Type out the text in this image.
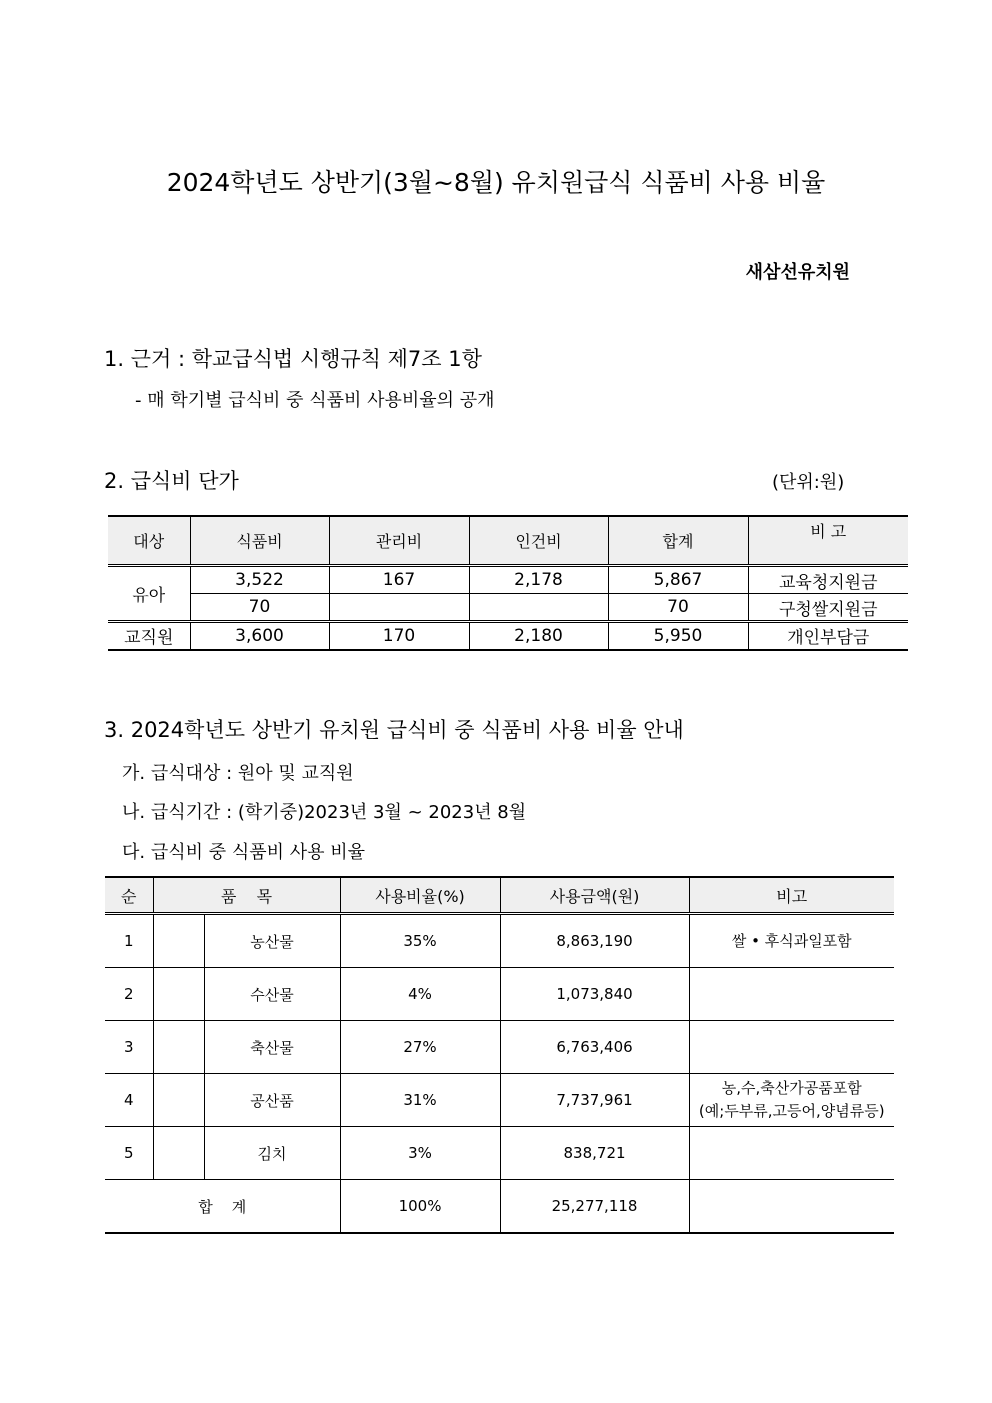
2024학년도 상반기(3월~8월) 유치원급식 식품비 사용 비율
새삼선유치원
1. 근거 : 학교급식법 시행규칙 제7조 1항
- 매 학기별 급식비 중 식품비 사용비율의 공개
2. 급식비 단가	(단위:원)
대상	식품비	관리비	인건비	합계	비 고
유아	3,522	167	2,178	5,867	교육청지원금
	70			70	구청쌀지원금
교직원	3,600	170	2,180	5,950	개인부담금
3. 2024학년도 상반기 유치원 급식비 중 식품비 사용 비율 안내
가. 급식대상 : 원아 및 교직원
나. 급식기간 : (학기중)2023년 3월 ~ 2023년 8월
다. 급식비 중 식품비 사용 비율
순	품    목		사용비율(%)	사용금액(원)	비고
1		농산물	35%	8,863,190	쌀 • 후식과일포함

2		수산물	4%	1,073,840	
3		축산물	27%	6,763,406	
4		공산품	31%	7,737,961	농,수,축산가공품포함
(예;두부류,고등어,양념류등)

5		김치	3%	838,721	
합    계			100%	25,277,118	
